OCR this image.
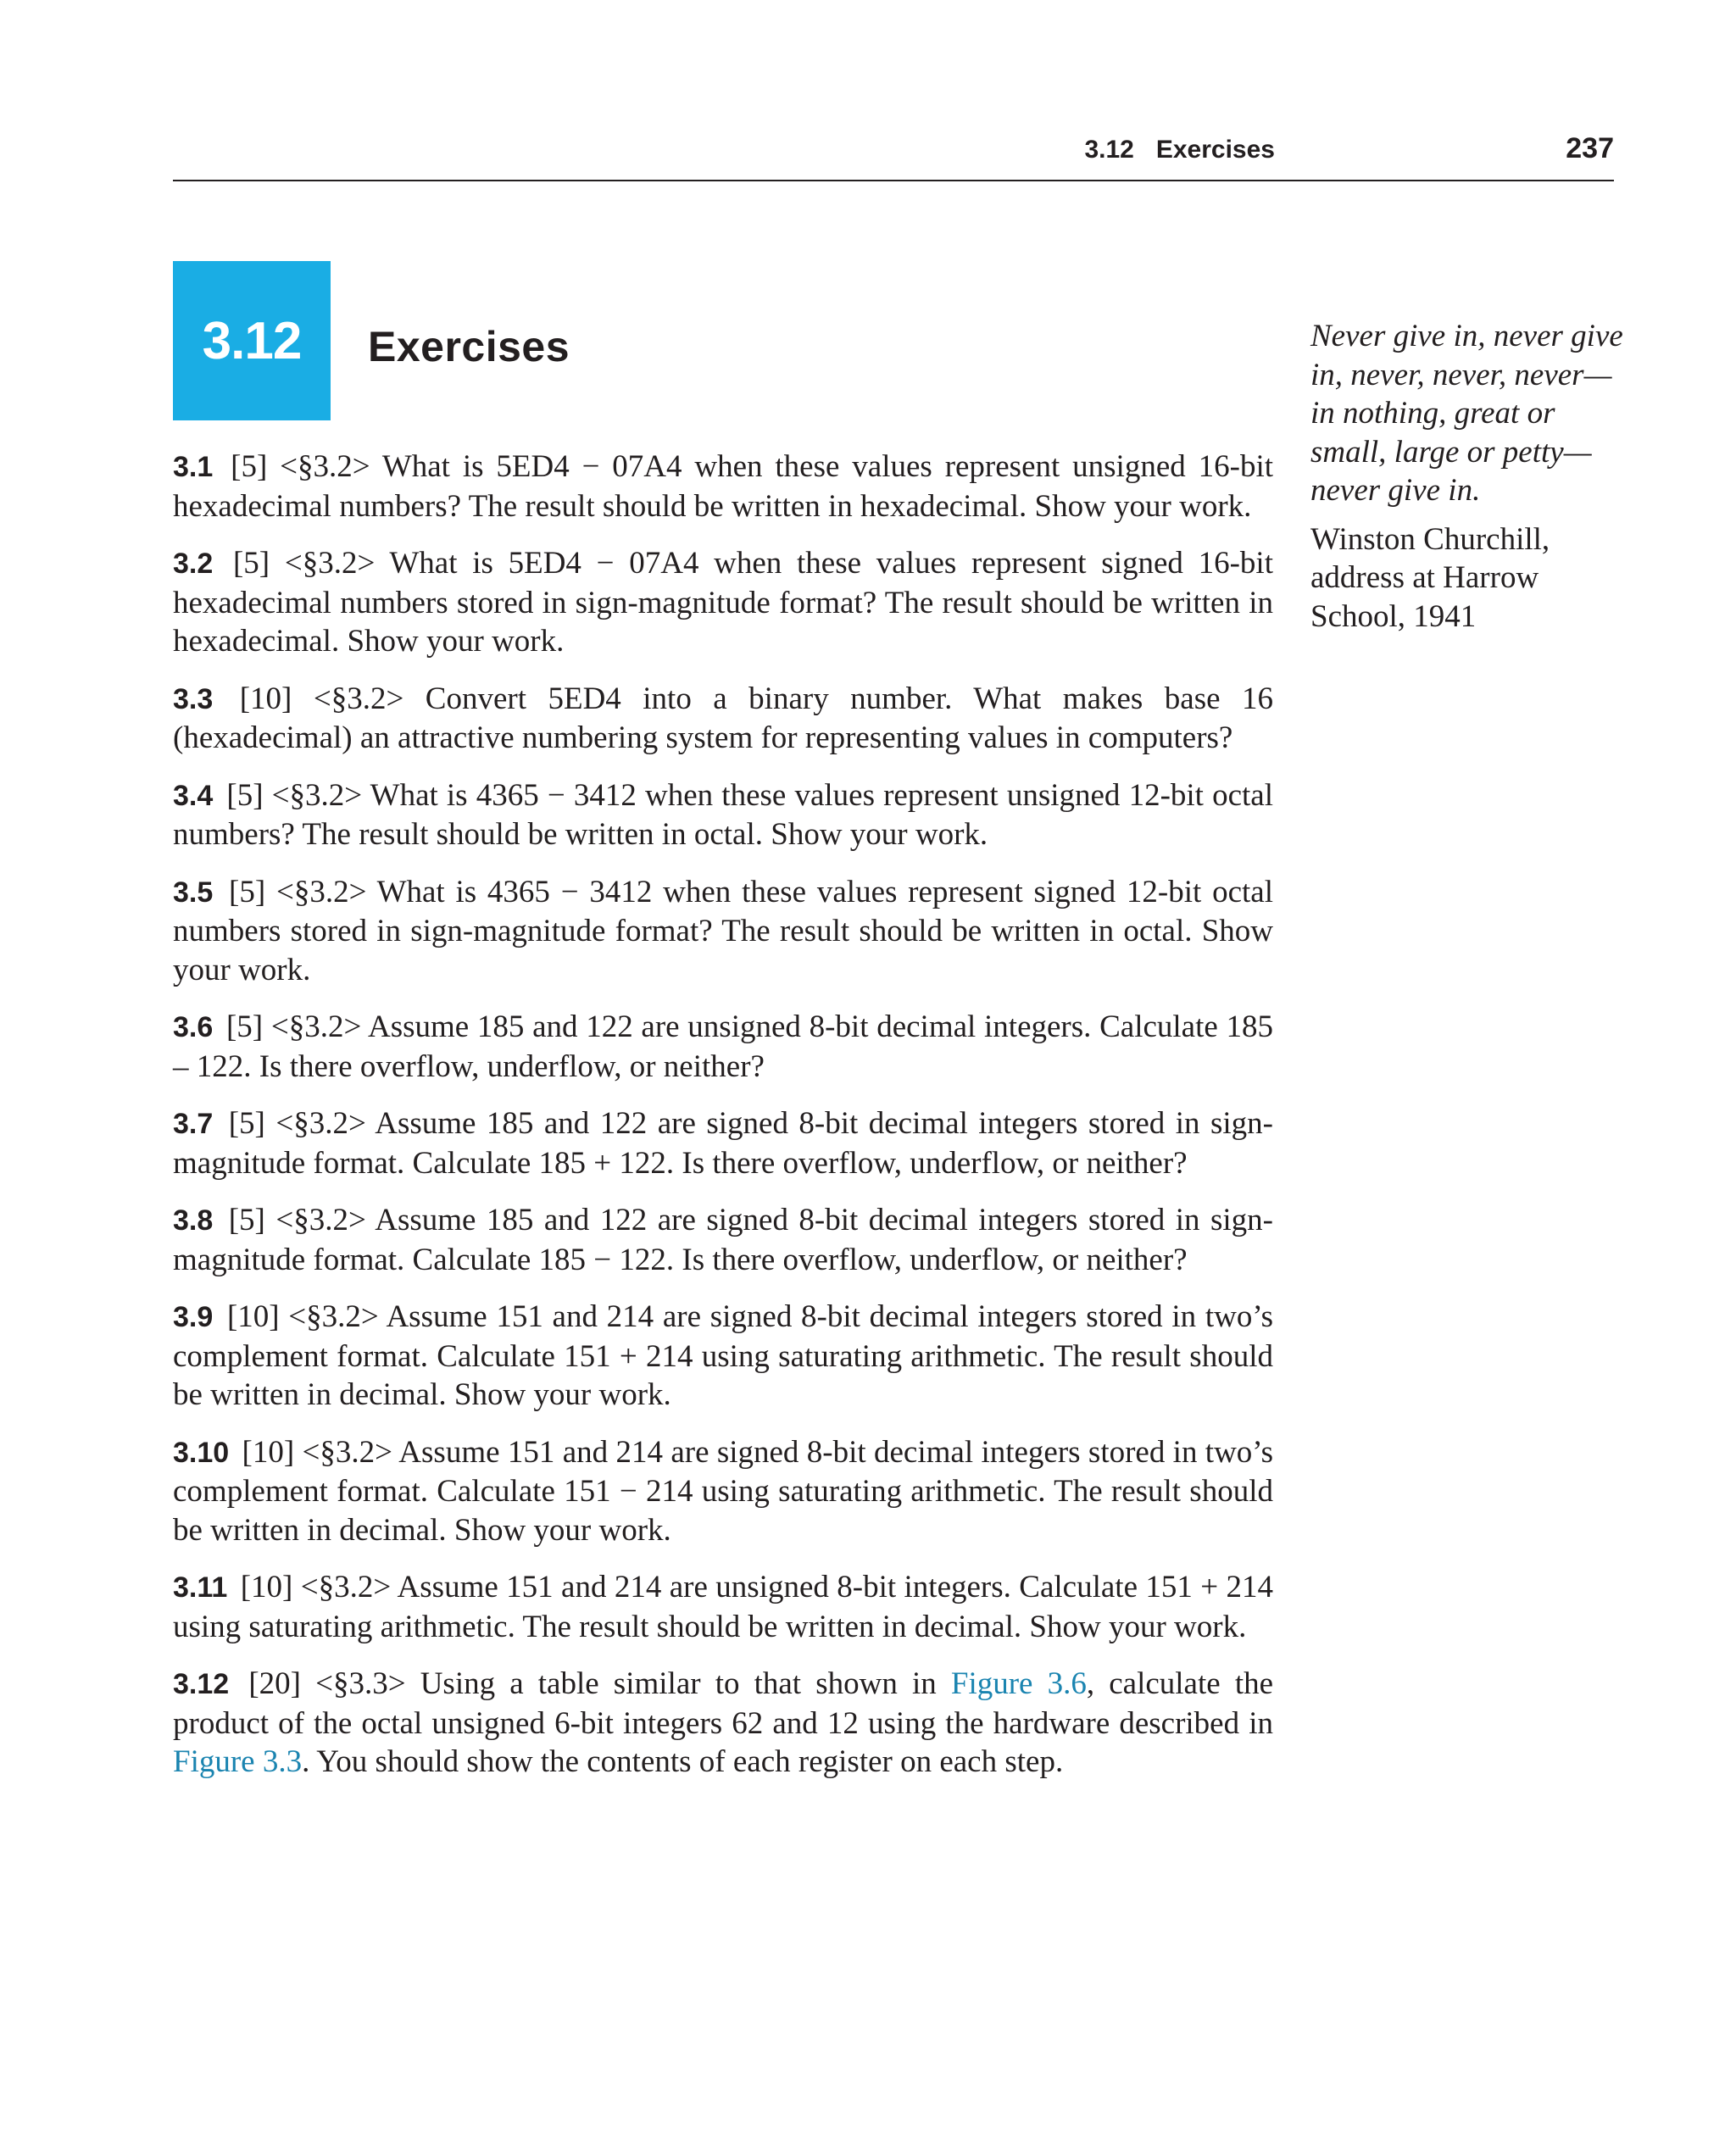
3.12 Exercises	237
3.12 Exercises	Never give in, never give in, never, never, never—in nothing, great or small, large or petty—never give in.

Winston Churchill, address at Harrow School, 1941

3.1 [5] <§3.2> What is 5ED4 − 07A4 when these values represent unsigned 16-bit hexadecimal numbers? The result should be written in hexadecimal. Show your work.

3.2 [5] <§3.2> What is 5ED4 − 07A4 when these values represent signed 16-bit hexadecimal numbers stored in sign-magnitude format? The result should be written in hexadecimal. Show your work.

3.3 [10] <§3.2> Convert 5ED4 into a binary number. What makes base 16 (hexadecimal) an attractive numbering system for representing values in computers?

3.4 [5] <§3.2> What is 4365 − 3412 when these values represent unsigned 12-bit octal numbers? The result should be written in octal. Show your work.

3.5 [5] <§3.2> What is 4365 − 3412 when these values represent signed 12-bit octal numbers stored in sign-magnitude format? The result should be written in octal. Show your work.

3.6 [5] <§3.2> Assume 185 and 122 are unsigned 8-bit decimal integers. Calculate 185 – 122. Is there overflow, underflow, or neither?

3.7 [5] <§3.2> Assume 185 and 122 are signed 8-bit decimal integers stored in sign-magnitude format. Calculate 185 + 122. Is there overflow, underflow, or neither?

3.8 [5] <§3.2> Assume 185 and 122 are signed 8-bit decimal integers stored in sign-magnitude format. Calculate 185 − 122. Is there overflow, underflow, or neither?

3.9 [10] <§3.2> Assume 151 and 214 are signed 8-bit decimal integers stored in two’s complement format. Calculate 151 + 214 using saturating arithmetic. The result should be written in decimal. Show your work.

3.10 [10] <§3.2> Assume 151 and 214 are signed 8-bit decimal integers stored in two’s complement format. Calculate 151 − 214 using saturating arithmetic. The result should be written in decimal. Show your work.

3.11 [10] <§3.2> Assume 151 and 214 are unsigned 8-bit integers. Calculate 151 + 214 using saturating arithmetic. The result should be written in decimal. Show your work.

3.12 [20] <§3.3> Using a table similar to that shown in Figure 3.6, calculate the product of the octal unsigned 6-bit integers 62 and 12 using the hardware described in Figure 3.3. You should show the contents of each register on each step.
